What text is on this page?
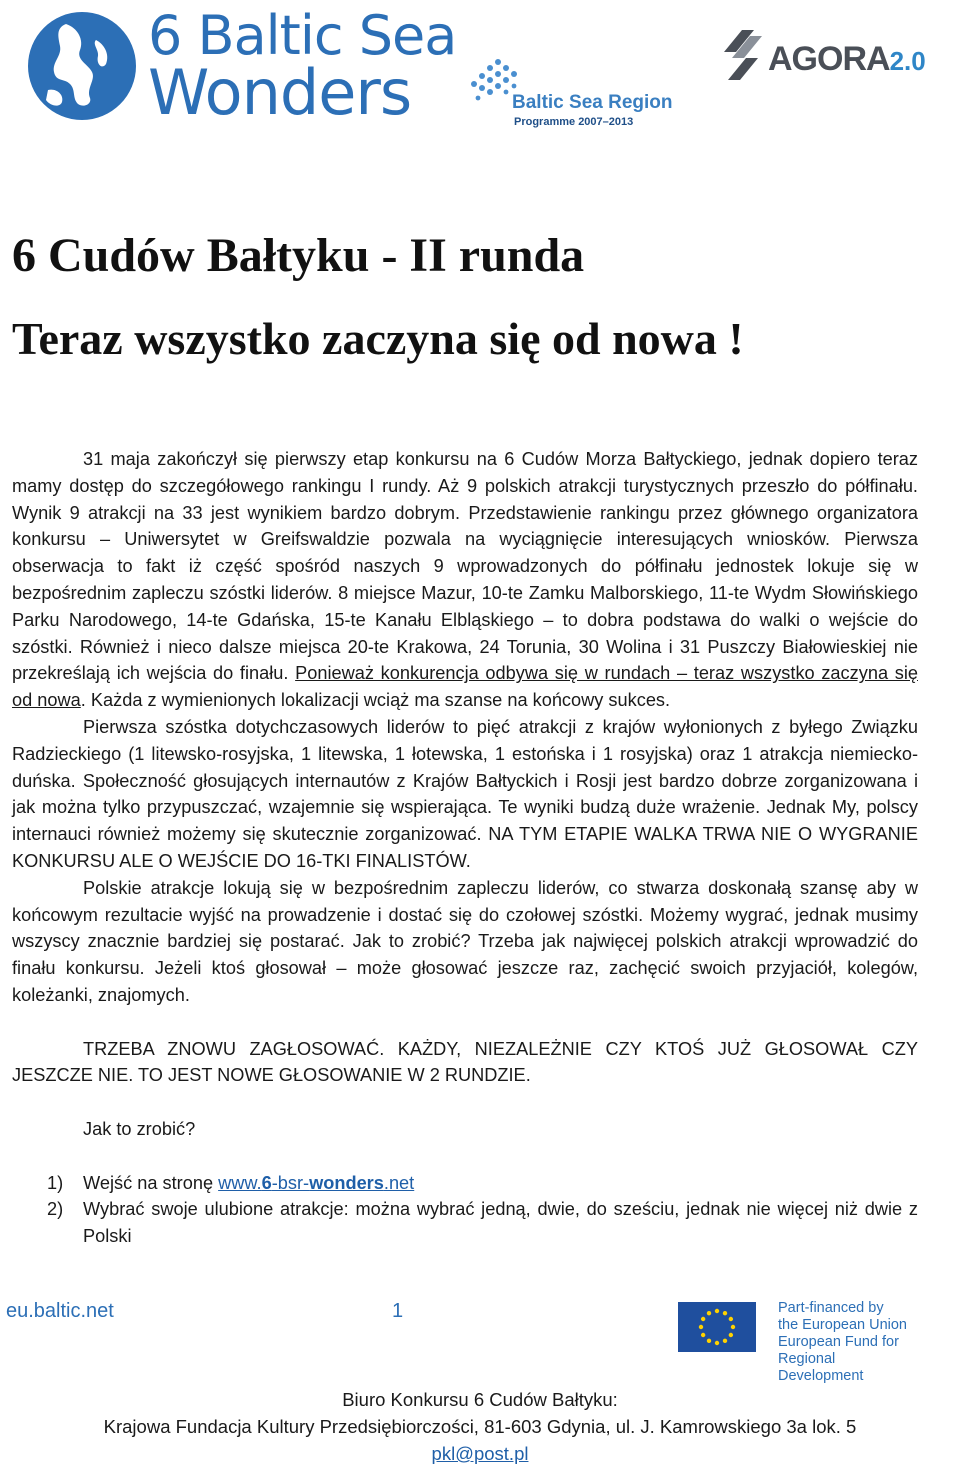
6 Baltic Sea
Wonders	Baltic Sea Region
Programme 2007–2013
AGORA2.0
6 Cudów Bałtyku - II runda
Teraz wszystko zaczyna się od nowa !

31 maja zakończył się pierwszy etap konkursu na 6 Cudów Morza Bałtyckiego, jednak dopiero teraz mamy dostęp do szczegółowego rankingu I rundy. Aż 9 polskich atrakcji turystycznych przeszło do półfinału. Wynik 9 atrakcji na 33 jest wynikiem bardzo dobrym. Przedstawienie rankingu przez głównego organizatora konkursu – Uniwersytet w Greifswaldzie pozwala na wyciągnięcie interesujących wniosków. Pierwsza obserwacja to fakt iż część spośród naszych 9 wprowadzonych do półfinału jednostek lokuje się w bezpośrednim zapleczu szóstki liderów. 8 miejsce Mazur, 10-te Zamku Malborskiego, 11-te Wydm Słowińskiego Parku Narodowego, 14-te Gdańska, 15-te Kanału Elbląskiego – to dobra podstawa do walki o wejście do szóstki. Również i nieco dalsze miejsca 20-te Krakowa, 24 Torunia, 30 Wolina i 31 Puszczy Białowieskiej nie przekreślają ich wejścia do finału. Ponieważ konkurencja odbywa się w rundach – teraz wszystko zaczyna się od nowa. Każda z wymienionych lokalizacji wciąż ma szanse na końcowy sukces.

Pierwsza szóstka dotychczasowych liderów to pięć atrakcji z krajów wyłonionych z byłego Związku Radzieckiego (1 litewsko-rosyjska, 1 litewska, 1 łotewska, 1 estońska i 1 rosyjska) oraz 1 atrakcja niemiecko-duńska. Społeczność głosujących internautów z Krajów Bałtyckich i Rosji jest bardzo dobrze zorganizowana i jak można tylko przypuszczać, wzajemnie się wspierająca. Te wyniki budzą duże wrażenie. Jednak My, polscy internauci również możemy się skutecznie zorganizować. NA TYM ETAPIE WALKA TRWA NIE O WYGRANIE KONKURSU ALE O WEJŚCIE DO 16-TKI FINALISTÓW.

Polskie atrakcje lokują się w bezpośrednim zapleczu liderów, co stwarza doskonałą szansę aby w końcowym rezultacie wyjść na prowadzenie i dostać się do czołowej szóstki. Możemy wygrać, jednak musimy wszyscy znacznie bardziej się postarać. Jak to zrobić? Trzeba jak najwięcej polskich atrakcji wprowadzić do finału konkursu. Jeżeli ktoś głosował – może głosować jeszcze raz, zachęcić swoich przyjaciół, kolegów, koleżanki, znajomych.

TRZEBA ZNOWU ZAGŁOSOWAĆ. KAŻDY, NIEZALEŻNIE CZY KTOŚ JUŻ GŁOSOWAŁ CZY JESZCZE NIE. TO JEST NOWE GŁOSOWANIE W 2 RUNDZIE.

Jak to zrobić?

1) Wejść na stronę www.6-bsr-wonders.net
2) Wybrać swoje ulubione atrakcje: można wybrać jedną, dwie, do sześciu, jednak nie więcej niż dwie z Polski
eu.baltic.net	1	Part-financed by
the European Union
European Fund for
Regional
Development
Biuro Konkursu 6 Cudów Bałtyku:
Krajowa Fundacja Kultury Przedsiębiorczości, 81-603 Gdynia, ul. J. Kamrowskiego 3a lok. 5
pkl@post.pl
